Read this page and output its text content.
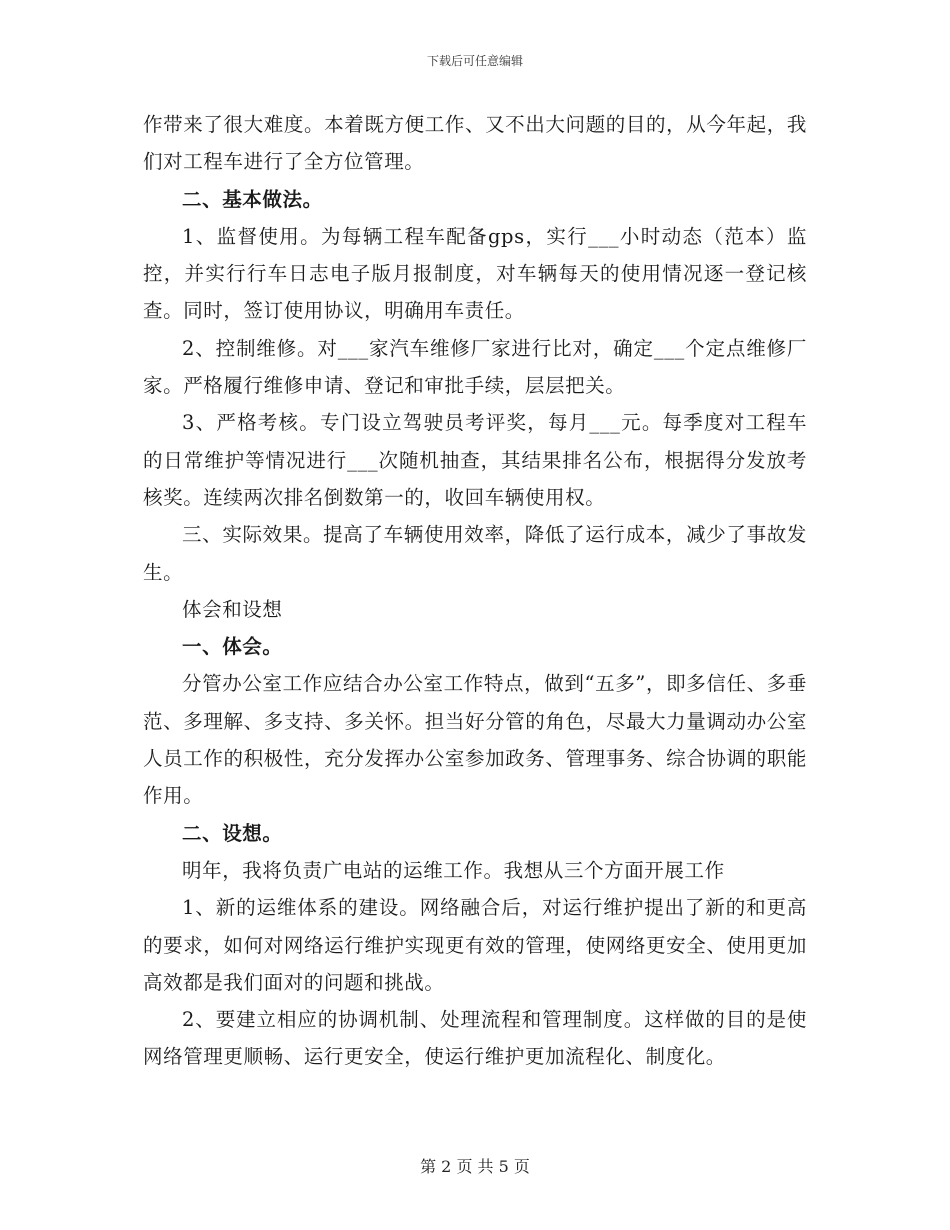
下载后可任意编辑

作带来了很大难度。本着既方便工作、又不出大问题的目的，从今年起，我们对工程车进行了全方位管理。

二、基本做法。

1、监督使用。为每辆工程车配备gps，实行___小时动态（范本）监控，并实行行车日志电子版月报制度，对车辆每天的使用情况逐一登记核查。同时，签订使用协议，明确用车责任。

2、控制维修。对___家汽车维修厂家进行比对，确定___个定点维修厂家。严格履行维修申请、登记和审批手续，层层把关。

3、严格考核。专门设立驾驶员考评奖，每月___元。每季度对工程车的日常维护等情况进行___次随机抽查，其结果排名公布，根据得分发放考核奖。连续两次排名倒数第一的，收回车辆使用权。

三、实际效果。提高了车辆使用效率，降低了运行成本，减少了事故发生。

体会和设想

一、体会。

分管办公室工作应结合办公室工作特点，做到“五多”，即多信任、多垂范、多理解、多支持、多关怀。担当好分管的角色，尽最大力量调动办公室人员工作的积极性，充分发挥办公室参加政务、管理事务、综合协调的职能作用。

二、设想。

明年，我将负责广电站的运维工作。我想从三个方面开展工作

1、新的运维体系的建设。网络融合后，对运行维护提出了新的和更高的要求，如何对网络运行维护实现更有效的管理，使网络更安全、使用更加高效都是我们面对的问题和挑战。

2、要建立相应的协调机制、处理流程和管理制度。这样做的目的是使网络管理更顺畅、运行更安全，使运行维护更加流程化、制度化。

第 2 页 共 5 页
